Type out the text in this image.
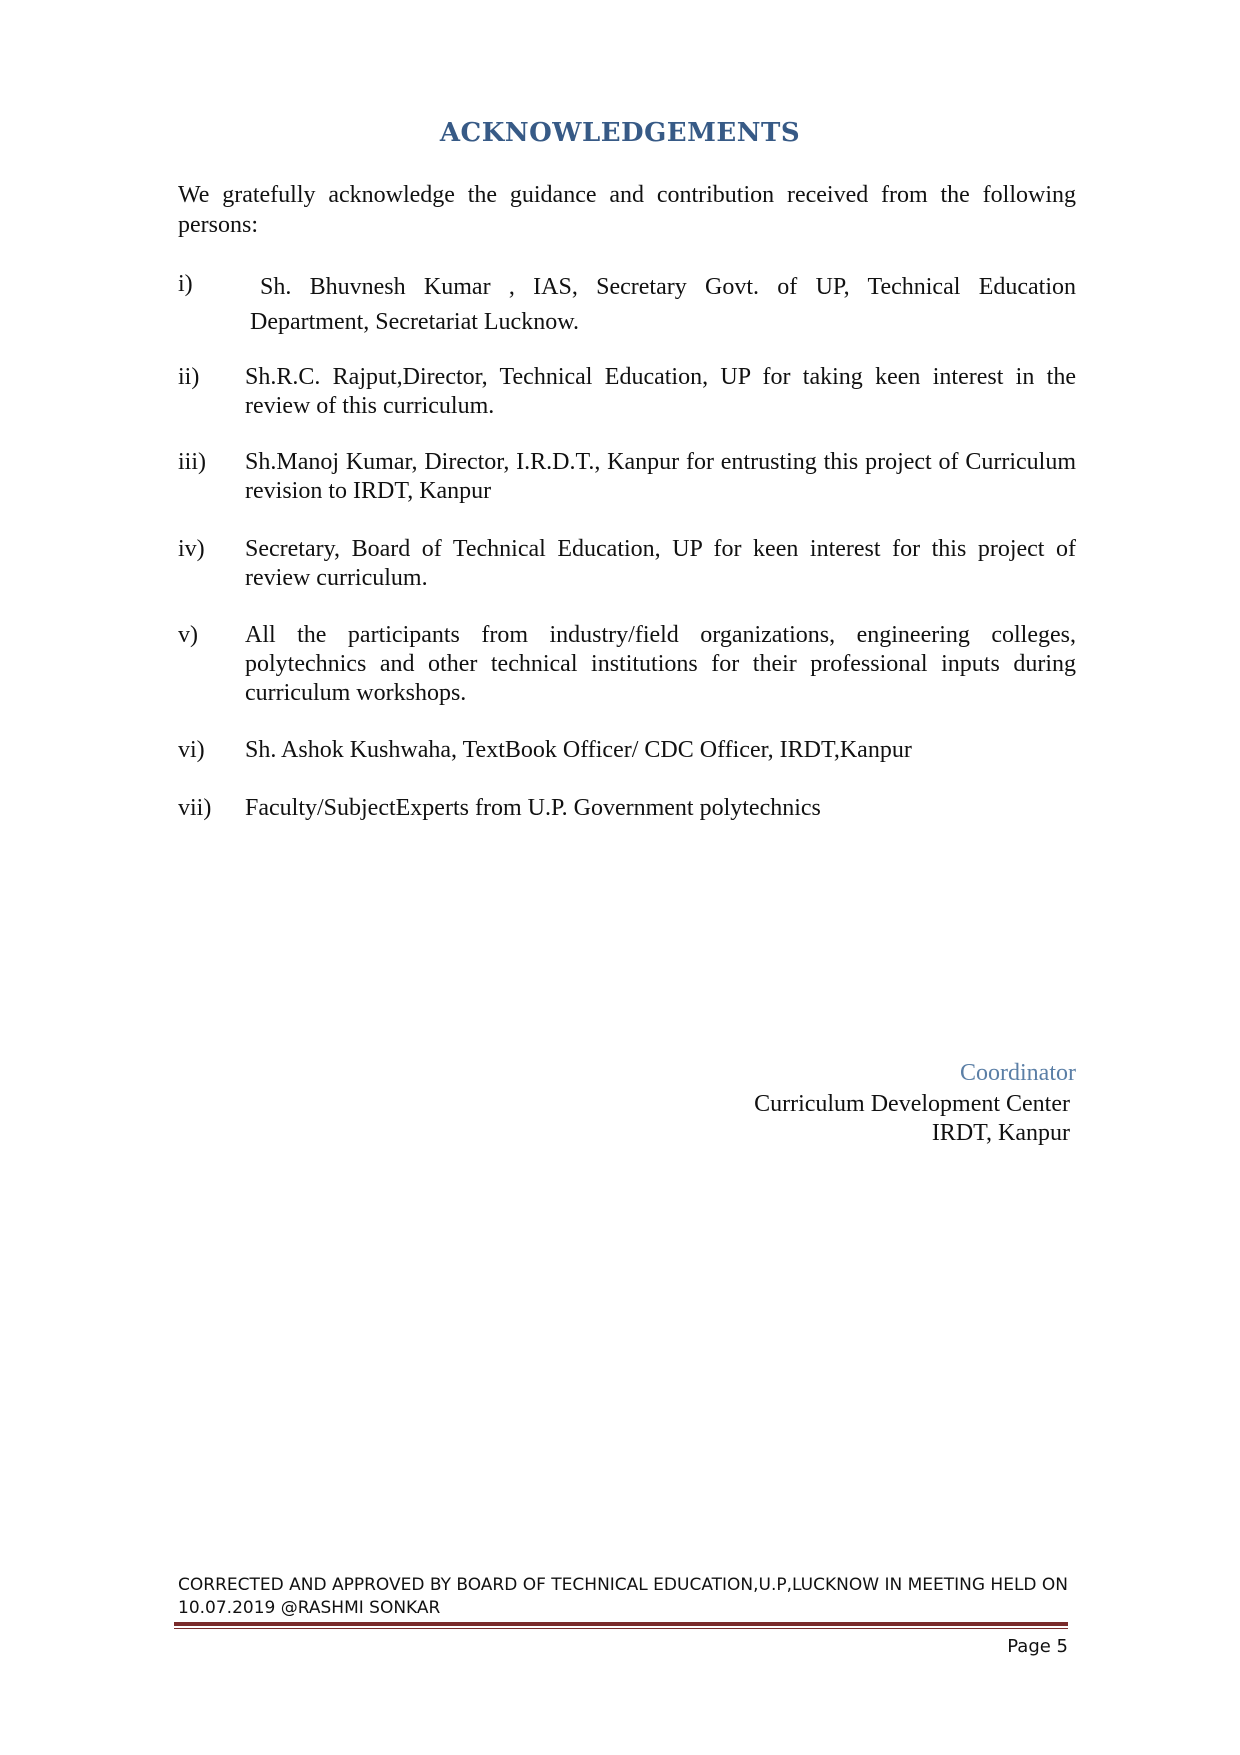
ACKNOWLEDGEMENTS

We gratefully acknowledge the guidance and contribution received from the following persons:

i)	Sh. Bhuvnesh Kumar , IAS, Secretary Govt. of UP, Technical Education Department, Secretariat Lucknow.
ii)	Sh.R.C. Rajput,Director, Technical Education, UP for taking keen interest in the review of this curriculum.
iii)	Sh.Manoj Kumar, Director, I.R.D.T., Kanpur for entrusting this project of Curriculum revision to IRDT, Kanpur
iv)	Secretary, Board of Technical Education, UP for keen interest for this project of review curriculum.
v)	All the participants from industry/field organizations, engineering colleges, polytechnics and other technical institutions for their professional inputs during curriculum workshops.
vi)	Sh. Ashok Kushwaha, TextBook Officer/ CDC Officer, IRDT,Kanpur
vii)	Faculty/SubjectExperts from U.P. Government polytechnics
Coordinator
Curriculum Development Center
IRDT, Kanpur
CORRECTED AND APPROVED BY BOARD OF TECHNICAL EDUCATION,U.P,LUCKNOW IN MEETING HELD ON 10.07.2019 @RASHMI SONKAR
Page 5
